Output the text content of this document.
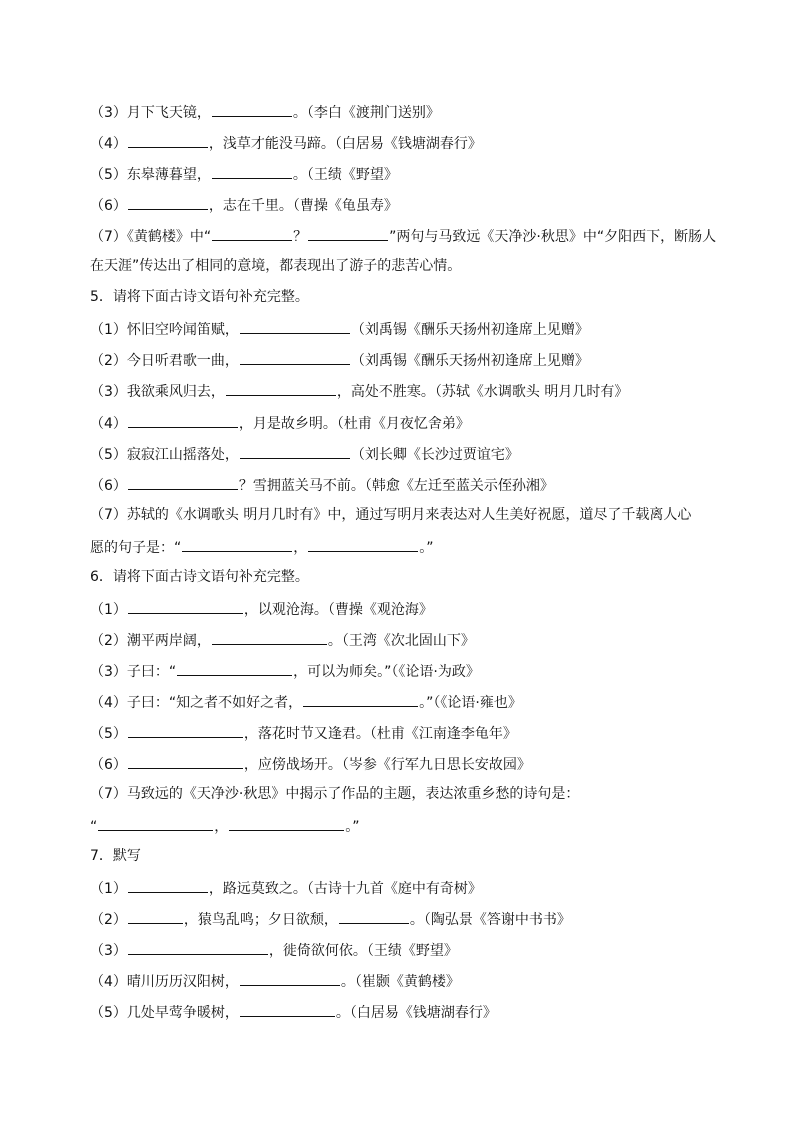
（3）月下飞天镜，	。（李白《渡荆门送别》
（4）	，浅草才能没马蹄。（白居易《钱塘湖春行》
（5）东皋薄暮望，	。（王绩《野望》
（6）	，志在千里。（曹操《龟虽寿》
（7）《黄鹤楼》中“	？	”两句与马致远《天净沙·秋思》中“夕阳西下，断肠人
在天涯”传达出了相同的意境，都表现出了游子的悲苦心情。
5．请将下面古诗文语句补充完整。
（1）怀旧空吟闻笛赋，	（刘禹锡《酬乐天扬州初逢席上见赠》
（2）今日听君歌一曲，	（刘禹锡《酬乐天扬州初逢席上见赠》
（3）我欲乘风归去，	，高处不胜寒。（苏轼《水调歌头 明月几时有》
（4）	，月是故乡明。（杜甫《月夜忆舍弟》
（5）寂寂江山摇落处，	（刘长卿《长沙过贾谊宅》
（6）	？雪拥蓝关马不前。（韩愈《左迁至蓝关示侄孙湘》
（7）苏轼的《水调歌头 明月几时有》中，通过写明月来表达对人生美好祝愿，道尽了千载离人心
愿的句子是：“	，	。”
6．请将下面古诗文语句补充完整。
（1）	，以观沧海。（曹操《观沧海》
（2）潮平两岸阔，	。（王湾《次北固山下》
（3）子曰：“	，可以为师矣。”（《论语·为政》
（4）子曰：“知之者不如好之者，	。”（《论语·雍也》
（5）	，落花时节又逢君。（杜甫《江南逢李龟年》
（6）	，应傍战场开。（岑参《行军九日思长安故园》
（7）马致远的《天净沙·秋思》中揭示了作品的主题，表达浓重乡愁的诗句是：
“	，	。”
7．默写
（1）	，路远莫致之。（古诗十九首《庭中有奇树》
（2）	，猿鸟乱鸣；夕日欲颓，	。（陶弘景《答谢中书书》
（3）	，徙倚欲何依。（王绩《野望》
（4）晴川历历汉阳树，	。（崔颢《黄鹤楼》
（5）几处早莺争暖树，	。（白居易《钱塘湖春行》
